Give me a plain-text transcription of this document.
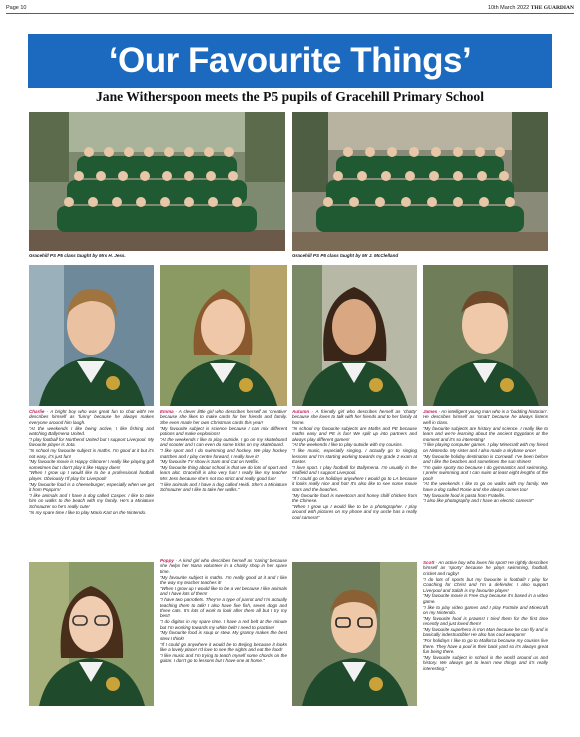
Page 10	10th March 2022 THE GUARDIAN
‘Our Favourite Things’
Jane Witherspoon meets the P5 pupils of Gracehill Primary School
Gracehill PS P5 class taught by Mrs H. Jess.	Gracehill PS P5 class taught by Mr J. McClelland

Charlie - A bright boy who was great fun to chat with! He describes himself as ‘funny’ because he always makes everyone around him laugh.

“At the weekends I like being active, I like fishing and watching Ballymena United.

“I play football for Northend United but I support Liverpool. My favourite player is Jota.

“In school my favourite subject is maths. I’m good at it but it’s not easy, it’s just fun!

“My favourite movie is Happy Gilmore! I really like playing golf sometimes but I don’t play it like Happy does!

“When I grow up I would like to be a professional football player. Obviously I’ll play for Liverpool!

“My favourite food is a cheeseburger; especially when we get it from Poppa’s!

“I like animals and I have a dog called Casper. I like to take him on walks to the beach with my family. He’s a Miniature Schnauzer so he’s really cute!

“In my spare time I like to play Mario Kart on the Nintendo.

Emma - A clever little girl who describes herself as ‘creative’ because she likes to make cards for her friends and family. She even made her own Christmas cards this year!

“My favourite subject is science because I can mix different potions and make explosions!

“At the weekends I like to play outside. I go on my skateboard and scooter and I can even do some tricks on my skateboard.

“I like sport and I do swimming and hockey. We play hockey matches and I play centre forward, I really love it!

“My favourite TV show is Sam and Cat on Netflix.

“My favourite thing about school is that we do lots of sport and learn alot. Gracehill is also very fun! I really like my teacher Mrs Jess because she’s not too strict and really good fun!

“I like animals and I have a dog called Heidi. She’s a Miniature Schnauzer and I like to take her walks.”

Poppy - A kind girl who describes herself as ‘caring’ because she helps her Nana volunteer in a charity shop in her spare time.

“My favourite subject is maths. I’m really good at it and I like the way my teacher teaches it!

“When I grow up I would like to be a vet because I like animals and I have lots of them!

“I have two parrotlets. They’re a type of parrot and I’m actually teaching them to talk! I also have five fish, seven dogs and three cats. It’s lots of work to look after them all but I try my best!

“I do digitos in my spare time. I have a red belt at the minute but I’m working towards my white belt! I need to practise!

“My favourite food is soup or stew. My granny makes the best stew I think!

“If I could go anywhere it would be to Beijing because it looks like a lovely place! I’d love to see the sights and eat the food!

“I like music and I’m trying to teach myself some chords on the guitar. I don’t go to lessons but I have one at home.”

Autumn - A friendly girl who describes herself as ‘chatty’ because she loves to talk with her friends and to her family at home.

“In school my favourite subjects are Maths and PE because maths easy and PE is fun! We split up into partners and always play different games!

“At the weekends I like to play outside with my cousins.

“I like music, especially singing. I actually go to singing lessons and I’m starting working towards my grade 2 exam at Easter.

“I love sport. I play football for Ballymena. I’m usually in the midfield and I support Liverpool.

“If I could go on holidays anywhere I would go to LA because it looks really nice and hot! It’s also like to see some movie stars and the beaches.

“My favourite food is sweetcorn and honey chilli chicken from the Chinese.

“When I grow up I would like to be a photographer. I play around with pictures on my phone and my uncle has a really cool camera!”

James - An intelligent young man who is a ‘budding historian’. He describes himself as ‘smart’ because he always listens well in class.

“My favourite subjects are history and science. I really like to learn and we’re learning about the ancient Egyptians at the moment and it’s so interesting!

“I like playing computer games. I play Minecraft with my friend on Nintendo. My sister and I also made a skybase once!

“My favourite holiday destination is Cornwall. I’ve been before and I like the beaches and sometimes the sun shines!

“I’m quite sporty too because I do gymnastics and swimming. I prefer swimming and I can swim at least eight lengths of the pool!

“At the weekends I like to go on walks with my family. We have a dog called Rosie and she always comes too!

“My favourite food is pasta from Fratellis.

“I also like photography and I have an electric camera!”

Scott - An active boy who loves his sport! He rightly describes himself as ‘sporty’ because he plays swimming, football, cricket and rugby!

“I do lots of sports but my favourite is football! I play for Coaching for Christ and I’m a defender. I also support Liverpool and Salah is my favourite player!

“My favourite movie is Free Guy because it’s based in a video game.

“I like to play video games and I play Fortnite and Minecraft on my Nintendo.

“My favourite food is prawns! I tried them for the first time recently and just loved them!

“My favourite superhero is Iron Man because he can fly and is basically indestructible! He also has cool weapons!

“For holidays I like to go to Mallorca because my cousins live there. They have a pool in their back yard so it’s always great fun being there.

“My favourite subject in school is the world around us and history. We always get to learn new things and it’s really interesting.”
